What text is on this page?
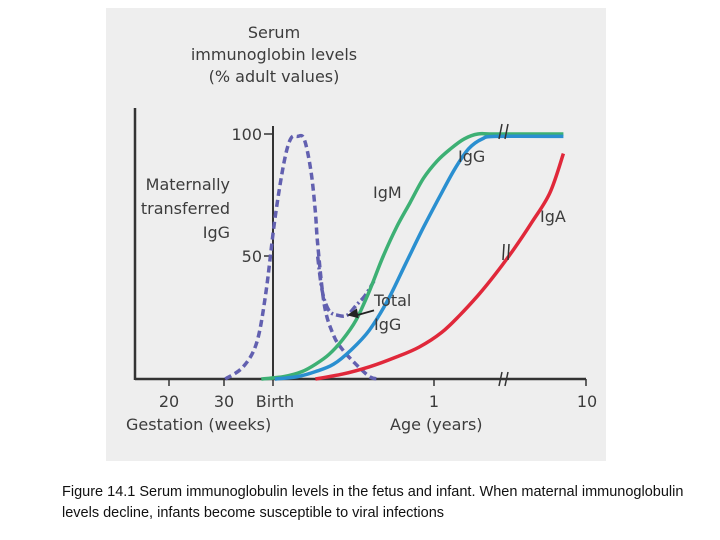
Serum
immunoglobin levels
(% adult values)
100
50
20 30 Birth	1	10
Gestation (weeks)	Age (years)
Maternally
transferred
IgG
IgM
IgG
IgA
Total
IgG
Figure 14.1 Serum immunoglobulin levels in the fetus and infant. When maternal immunoglobulin levels decline, infants become susceptible to viral infections
